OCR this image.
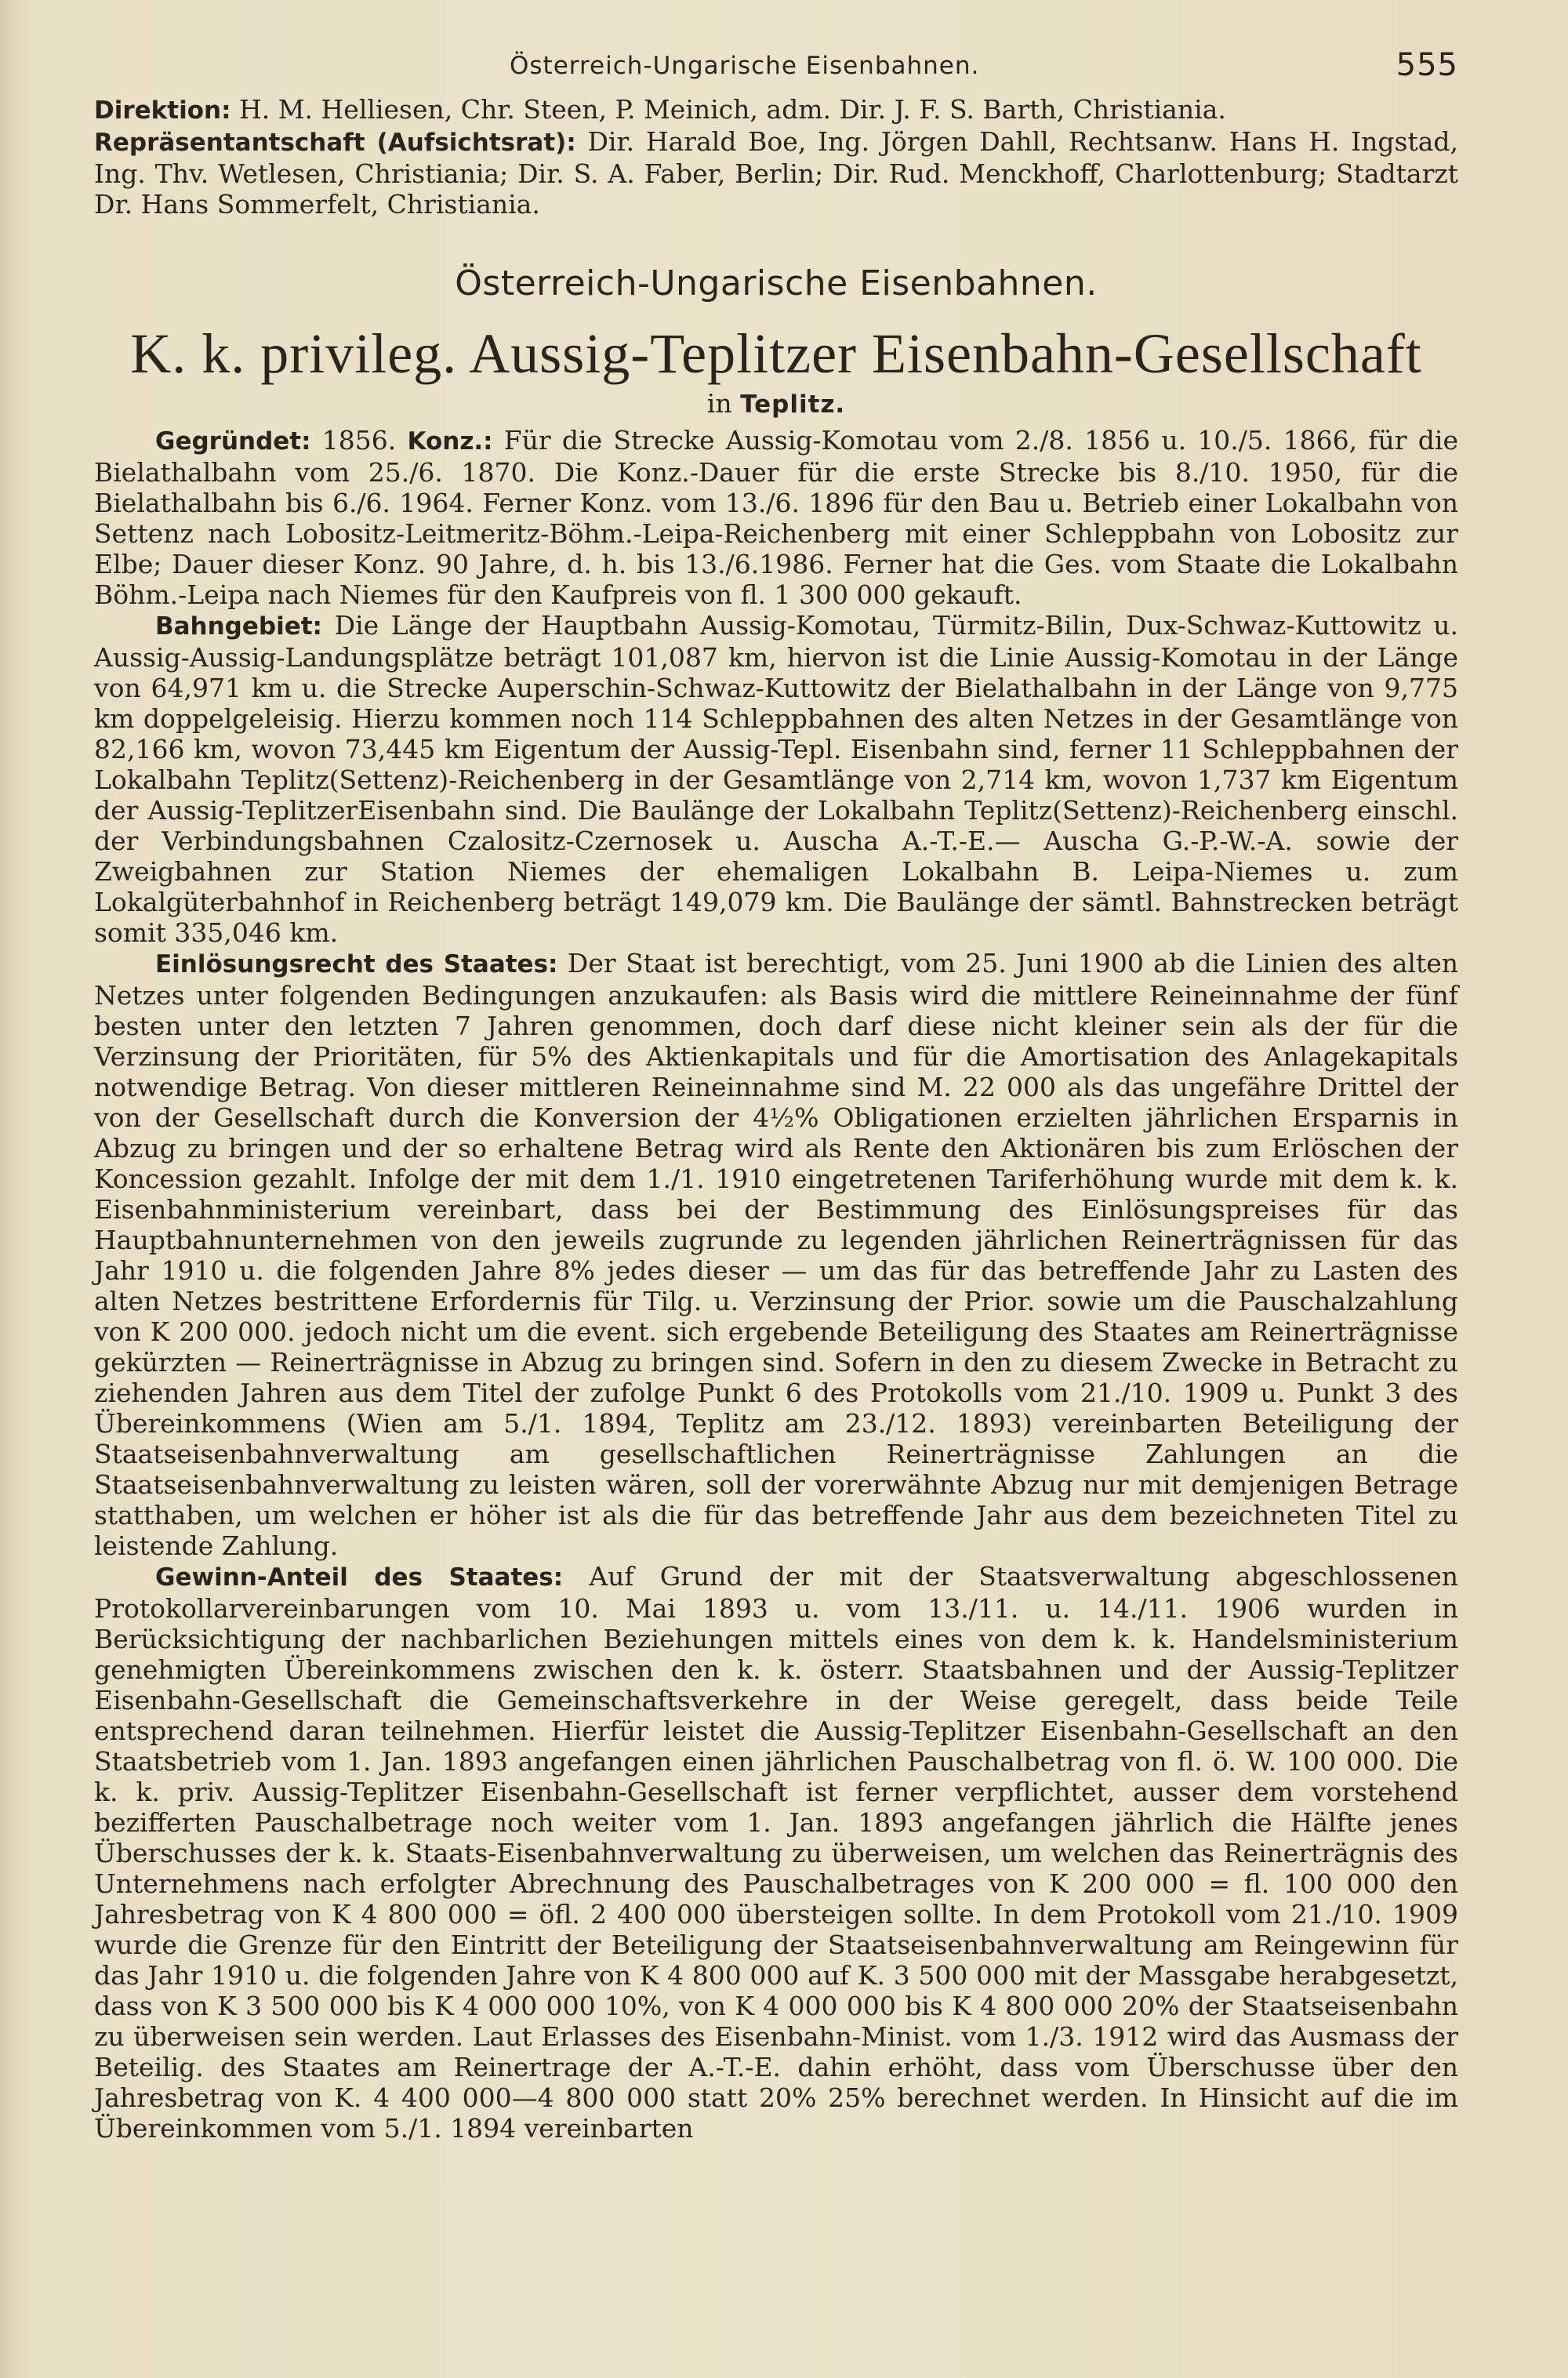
Österreich-Ungarische Eisenbahnen.	555

Direktion: H. M. Helliesen, Chr. Steen, P. Meinich, adm. Dir. J. F. S. Barth, Christiania.

Repräsentantschaft (Aufsichtsrat): Dir. Harald Boe, Ing. Jörgen Dahll, Rechtsanw. Hans H. Ingstad, Ing. Thv. Wetlesen, Christiania; Dir. S. A. Faber, Berlin; Dir. Rud. Menckhoff, Charlottenburg; Stadtarzt Dr. Hans Sommerfelt, Christiania.

Österreich-Ungarische Eisenbahnen.
K. k. privileg. Aussig-Teplitzer Eisenbahn-Gesellschaft
in Teplitz.

Gegründet: 1856. Konz.: Für die Strecke Aussig-Komotau vom 2./8. 1856 u. 10./5. 1866, für die Bielathalbahn vom 25./6. 1870. Die Konz.-Dauer für die erste Strecke bis 8./10. 1950, für die Bielathalbahn bis 6./6. 1964. Ferner Konz. vom 13./6. 1896 für den Bau u. Betrieb einer Lokalbahn von Settenz nach Lobositz-Leitmeritz-Böhm.-Leipa-Reichenberg mit einer Schleppbahn von Lobositz zur Elbe; Dauer dieser Konz. 90 Jahre, d. h. bis 13./6.1986. Ferner hat die Ges. vom Staate die Lokalbahn Böhm.-Leipa nach Niemes für den Kaufpreis von fl. 1 300 000 gekauft.

Bahngebiet: Die Länge der Hauptbahn Aussig-Komotau, Türmitz-Bilin, Dux-Schwaz-Kuttowitz u. Aussig-Aussig-Landungsplätze beträgt 101,087 km, hiervon ist die Linie Aussig-Komotau in der Länge von 64,971 km u. die Strecke Auperschin-Schwaz-Kuttowitz der Bielathalbahn in der Länge von 9,775 km doppelgeleisig. Hierzu kommen noch 114 Schleppbahnen des alten Netzes in der Gesamtlänge von 82,166 km, wovon 73,445 km Eigentum der Aussig-Tepl. Eisenbahn sind, ferner 11 Schleppbahnen der Lokalbahn Teplitz(Settenz)-Reichenberg in der Gesamtlänge von 2,714 km, wovon 1,737 km Eigentum der Aussig-TeplitzerEisenbahn sind. Die Baulänge der Lokalbahn Teplitz(Settenz)-Reichenberg einschl. der Verbindungsbahnen Czalositz-Czernosek u. Auscha A.-T.-E.— Auscha G.-P.-W.-A. sowie der Zweigbahnen zur Station Niemes der ehemaligen Lokalbahn B. Leipa-Niemes u. zum Lokalgüterbahnhof in Reichenberg beträgt 149,079 km. Die Baulänge der sämtl. Bahnstrecken beträgt somit 335,046 km.

Einlösungsrecht des Staates: Der Staat ist berechtigt, vom 25. Juni 1900 ab die Linien des alten Netzes unter folgenden Bedingungen anzukaufen: als Basis wird die mittlere Reineinnahme der fünf besten unter den letzten 7 Jahren genommen, doch darf diese nicht kleiner sein als der für die Verzinsung der Prioritäten, für 5% des Aktienkapitals und für die Amortisation des Anlagekapitals notwendige Betrag. Von dieser mittleren Reineinnahme sind M. 22 000 als das ungefähre Drittel der von der Gesellschaft durch die Konversion der 4½% Obligationen erzielten jährlichen Ersparnis in Abzug zu bringen und der so erhaltene Betrag wird als Rente den Aktionären bis zum Erlöschen der Koncession gezahlt. Infolge der mit dem 1./1. 1910 eingetretenen Tariferhöhung wurde mit dem k. k. Eisenbahnministerium vereinbart, dass bei der Bestimmung des Einlösungspreises für das Hauptbahnunternehmen von den jeweils zugrunde zu legenden jährlichen Reinerträgnissen für das Jahr 1910 u. die folgenden Jahre 8% jedes dieser — um das für das betreffende Jahr zu Lasten des alten Netzes bestrittene Erfordernis für Tilg. u. Verzinsung der Prior. sowie um die Pauschalzahlung von K 200 000. jedoch nicht um die event. sich ergebende Beteiligung des Staates am Reinerträgnisse gekürzten — Reinerträgnisse in Abzug zu bringen sind. Sofern in den zu diesem Zwecke in Betracht zu ziehenden Jahren aus dem Titel der zufolge Punkt 6 des Protokolls vom 21./10. 1909 u. Punkt 3 des Übereinkommens (Wien am 5./1. 1894, Teplitz am 23./12. 1893) vereinbarten Beteiligung der Staatseisenbahnverwaltung am gesellschaftlichen Reinerträgnisse Zahlungen an die Staatseisenbahnverwaltung zu leisten wären, soll der vorerwähnte Abzug nur mit demjenigen Betrage statthaben, um welchen er höher ist als die für das betreffende Jahr aus dem bezeichneten Titel zu leistende Zahlung.

Gewinn-Anteil des Staates: Auf Grund der mit der Staatsverwaltung abgeschlossenen Protokollarvereinbarungen vom 10. Mai 1893 u. vom 13./11. u. 14./11. 1906 wurden in Berücksichtigung der nachbarlichen Beziehungen mittels eines von dem k. k. Handelsministerium genehmigten Übereinkommens zwischen den k. k. österr. Staatsbahnen und der Aussig-Teplitzer Eisenbahn-Gesellschaft die Gemeinschaftsverkehre in der Weise geregelt, dass beide Teile entsprechend daran teilnehmen. Hierfür leistet die Aussig-Teplitzer Eisenbahn-Gesellschaft an den Staatsbetrieb vom 1. Jan. 1893 angefangen einen jährlichen Pauschalbetrag von fl. ö. W. 100 000. Die k. k. priv. Aussig-Teplitzer Eisenbahn-Gesellschaft ist ferner verpflichtet, ausser dem vorstehend bezifferten Pauschalbetrage noch weiter vom 1. Jan. 1893 angefangen jährlich die Hälfte jenes Überschusses der k. k. Staats-Eisenbahnverwaltung zu überweisen, um welchen das Reinerträgnis des Unternehmens nach erfolgter Abrechnung des Pauschalbetrages von K 200 000 = fl. 100 000 den Jahresbetrag von K 4 800 000 = öfl. 2 400 000 übersteigen sollte. In dem Protokoll vom 21./10. 1909 wurde die Grenze für den Eintritt der Beteiligung der Staatseisenbahnverwaltung am Reingewinn für das Jahr 1910 u. die folgenden Jahre von K 4 800 000 auf K. 3 500 000 mit der Massgabe herabgesetzt, dass von K 3 500 000 bis K 4 000 000 10%, von K 4 000 000 bis K 4 800 000 20% der Staatseisenbahn zu überweisen sein werden. Laut Erlasses des Eisenbahn-Minist. vom 1./3. 1912 wird das Ausmass der Beteilig. des Staates am Reinertrage der A.-T.-E. dahin erhöht, dass vom Überschusse über den Jahresbetrag von K. 4 400 000—4 800 000 statt 20% 25% berechnet werden. In Hinsicht auf die im Übereinkommen vom 5./1. 1894 vereinbarten
